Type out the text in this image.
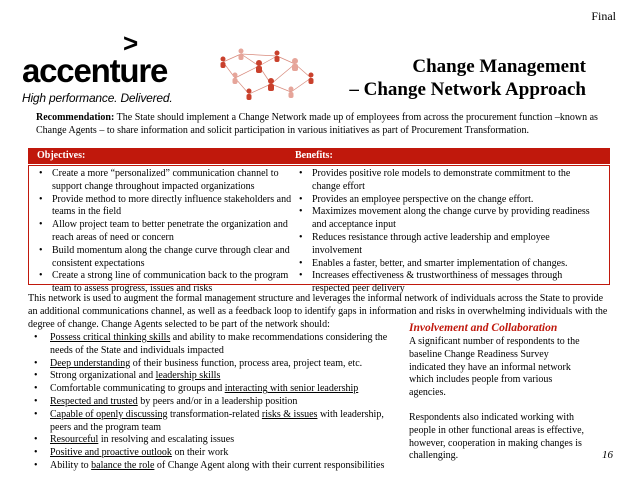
Final
>
accenture
High performance. Delivered.
Change Management
– Change Network Approach
Recommendation: The State should implement a Change Network made up of employees from across the procurement function –known as Change Agents – to share information and solicit participation in various initiatives as part of Procurement Transformation.
Objectives:	Benefits:
• Create a more “personalized” communication channel to support change throughout impacted organizations
• Provide method to more directly influence stakeholders and teams in the field
• Allow project team to better penetrate the organization and reach areas of need or concern
• Build momentum along the change curve through clear and consistent expectations
• Create a strong line of communication back to the program team to assess progress, issues and risks
• Provides positive role models to demonstrate commitment to the change effort
• Provides an employee perspective on the change effort.
• Maximizes movement along the change curve by providing readiness and acceptance input
• Reduces resistance through active leadership and employee involvement
• Enables a faster, better, and smarter implementation of changes.
• Increases effectiveness & trustworthiness of messages through respected peer delivery
This network is used to augment the formal management structure and leverages the informal network of individuals across the State to provide an additional communications channel, as well as a feedback loop to identify gaps in information and risks in overwhelming individuals with the degree of change. Change Agents selected to be part of the network should:
• Possess critical thinking skills and ability to make recommendations considering the needs of the State and individuals impacted
• Deep understanding of their business function, process area, project team, etc.
• Strong organizational and leadership skills
• Comfortable communicating to groups and interacting with senior leadership
• Respected and trusted by peers and/or in a leadership position
• Capable of openly discussing transformation-related risks & issues with leadership, peers and the program team
• Resourceful in resolving and escalating issues
• Positive and proactive outlook on their work
• Ability to balance the role of Change Agent along with their current responsibilities
Involvement and Collaboration

A significant number of respondents to the baseline Change Readiness Survey indicated they have an informal network which includes people from various agencies.

Respondents also indicated working with people in other functional areas is effective, however, cooperation in making changes is challenging.	16
